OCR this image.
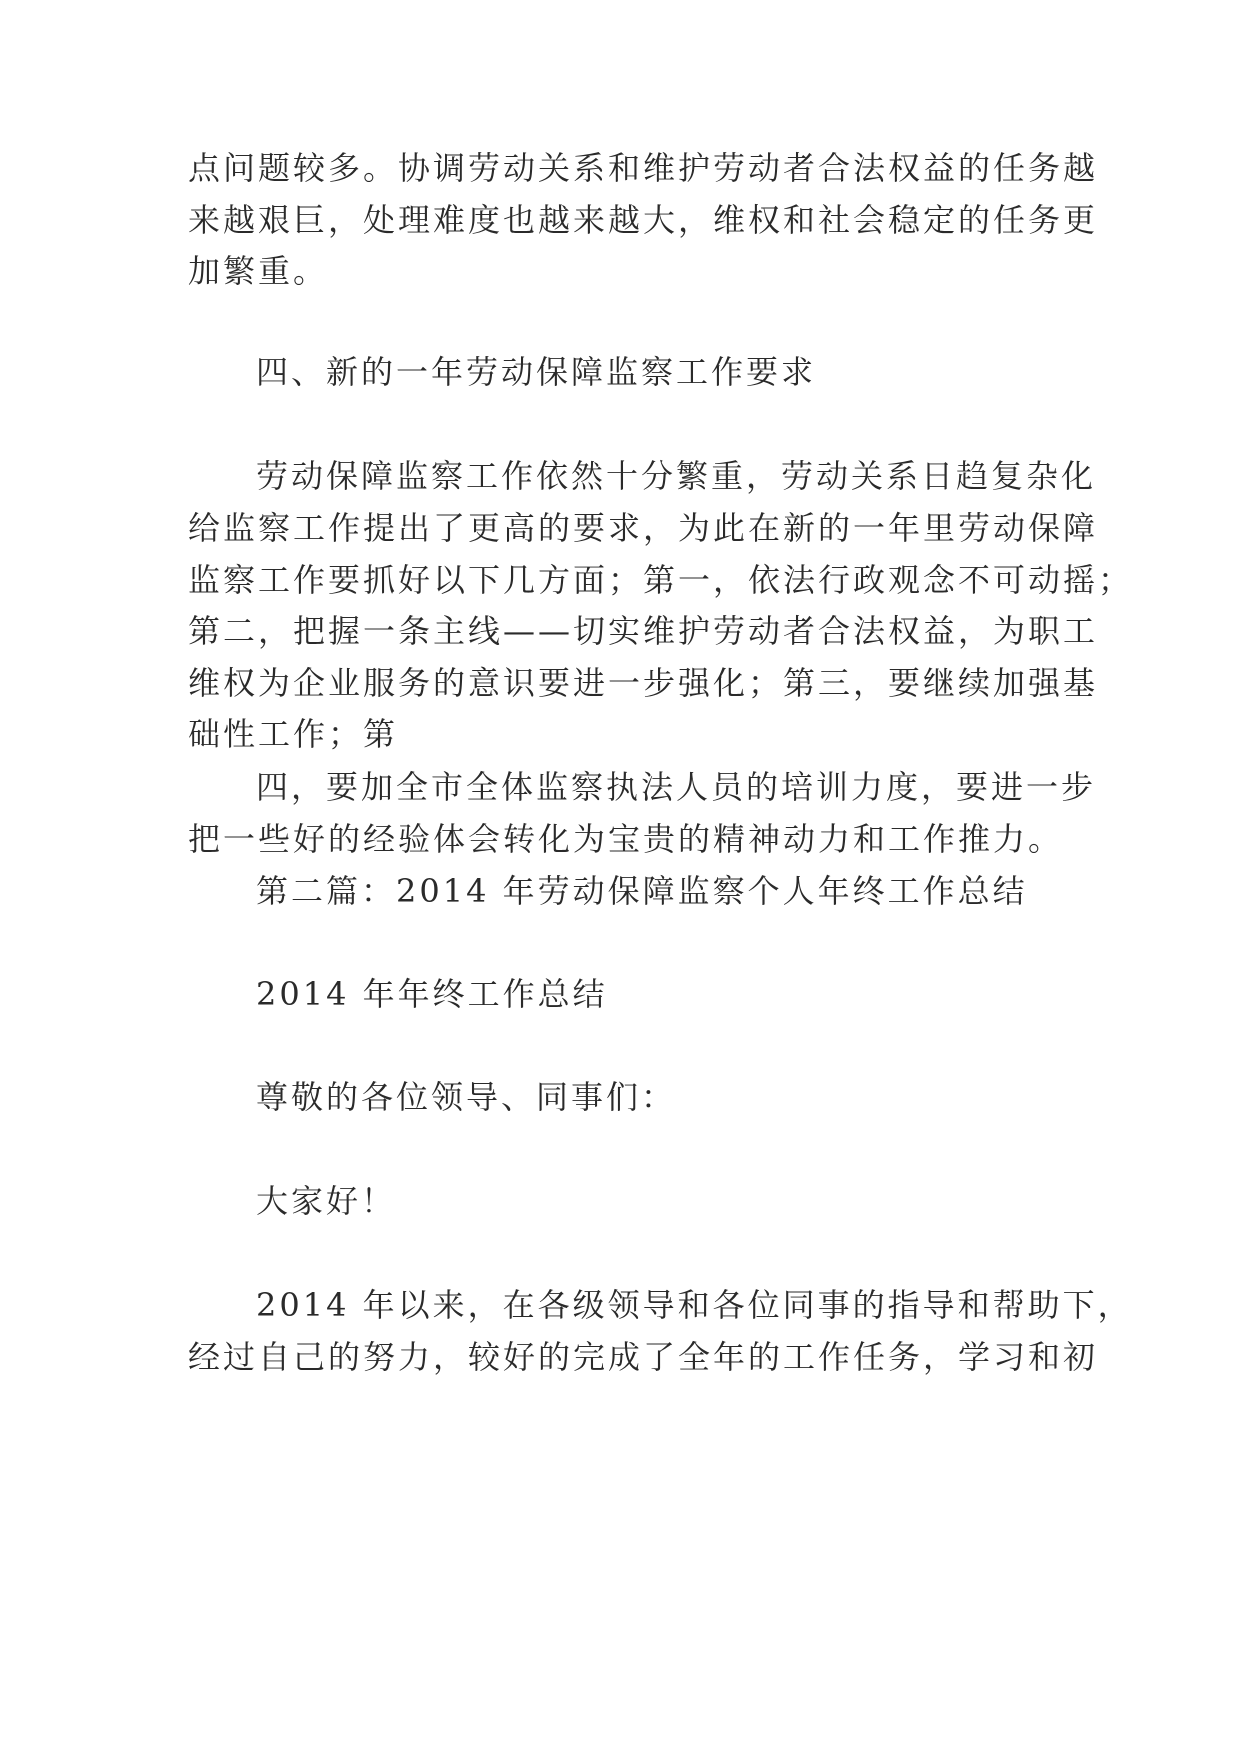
点问题较多。协调劳动关系和维护劳动者合法权益的任务越
来越艰巨，处理难度也越来越大，维权和社会稳定的任务更
加繁重。
四、新的一年劳动保障监察工作要求
劳动保障监察工作依然十分繁重，劳动关系日趋复杂化
给监察工作提出了更高的要求，为此在新的一年里劳动保障
监察工作要抓好以下几方面；第一，依法行政观念不可动摇；
第二，把握一条主线——切实维护劳动者合法权益，为职工
维权为企业服务的意识要进一步强化；第三，要继续加强基
础性工作；第
四，要加全市全体监察执法人员的培训力度，要进一步
把一些好的经验体会转化为宝贵的精神动力和工作推力。
第二篇：2014 年劳动保障监察个人年终工作总结
2014 年年终工作总结
尊敬的各位领导、同事们：
大家好！
2014 年以来，在各级领导和各位同事的指导和帮助下，
经过自己的努力，较好的完成了全年的工作任务，学习和初
